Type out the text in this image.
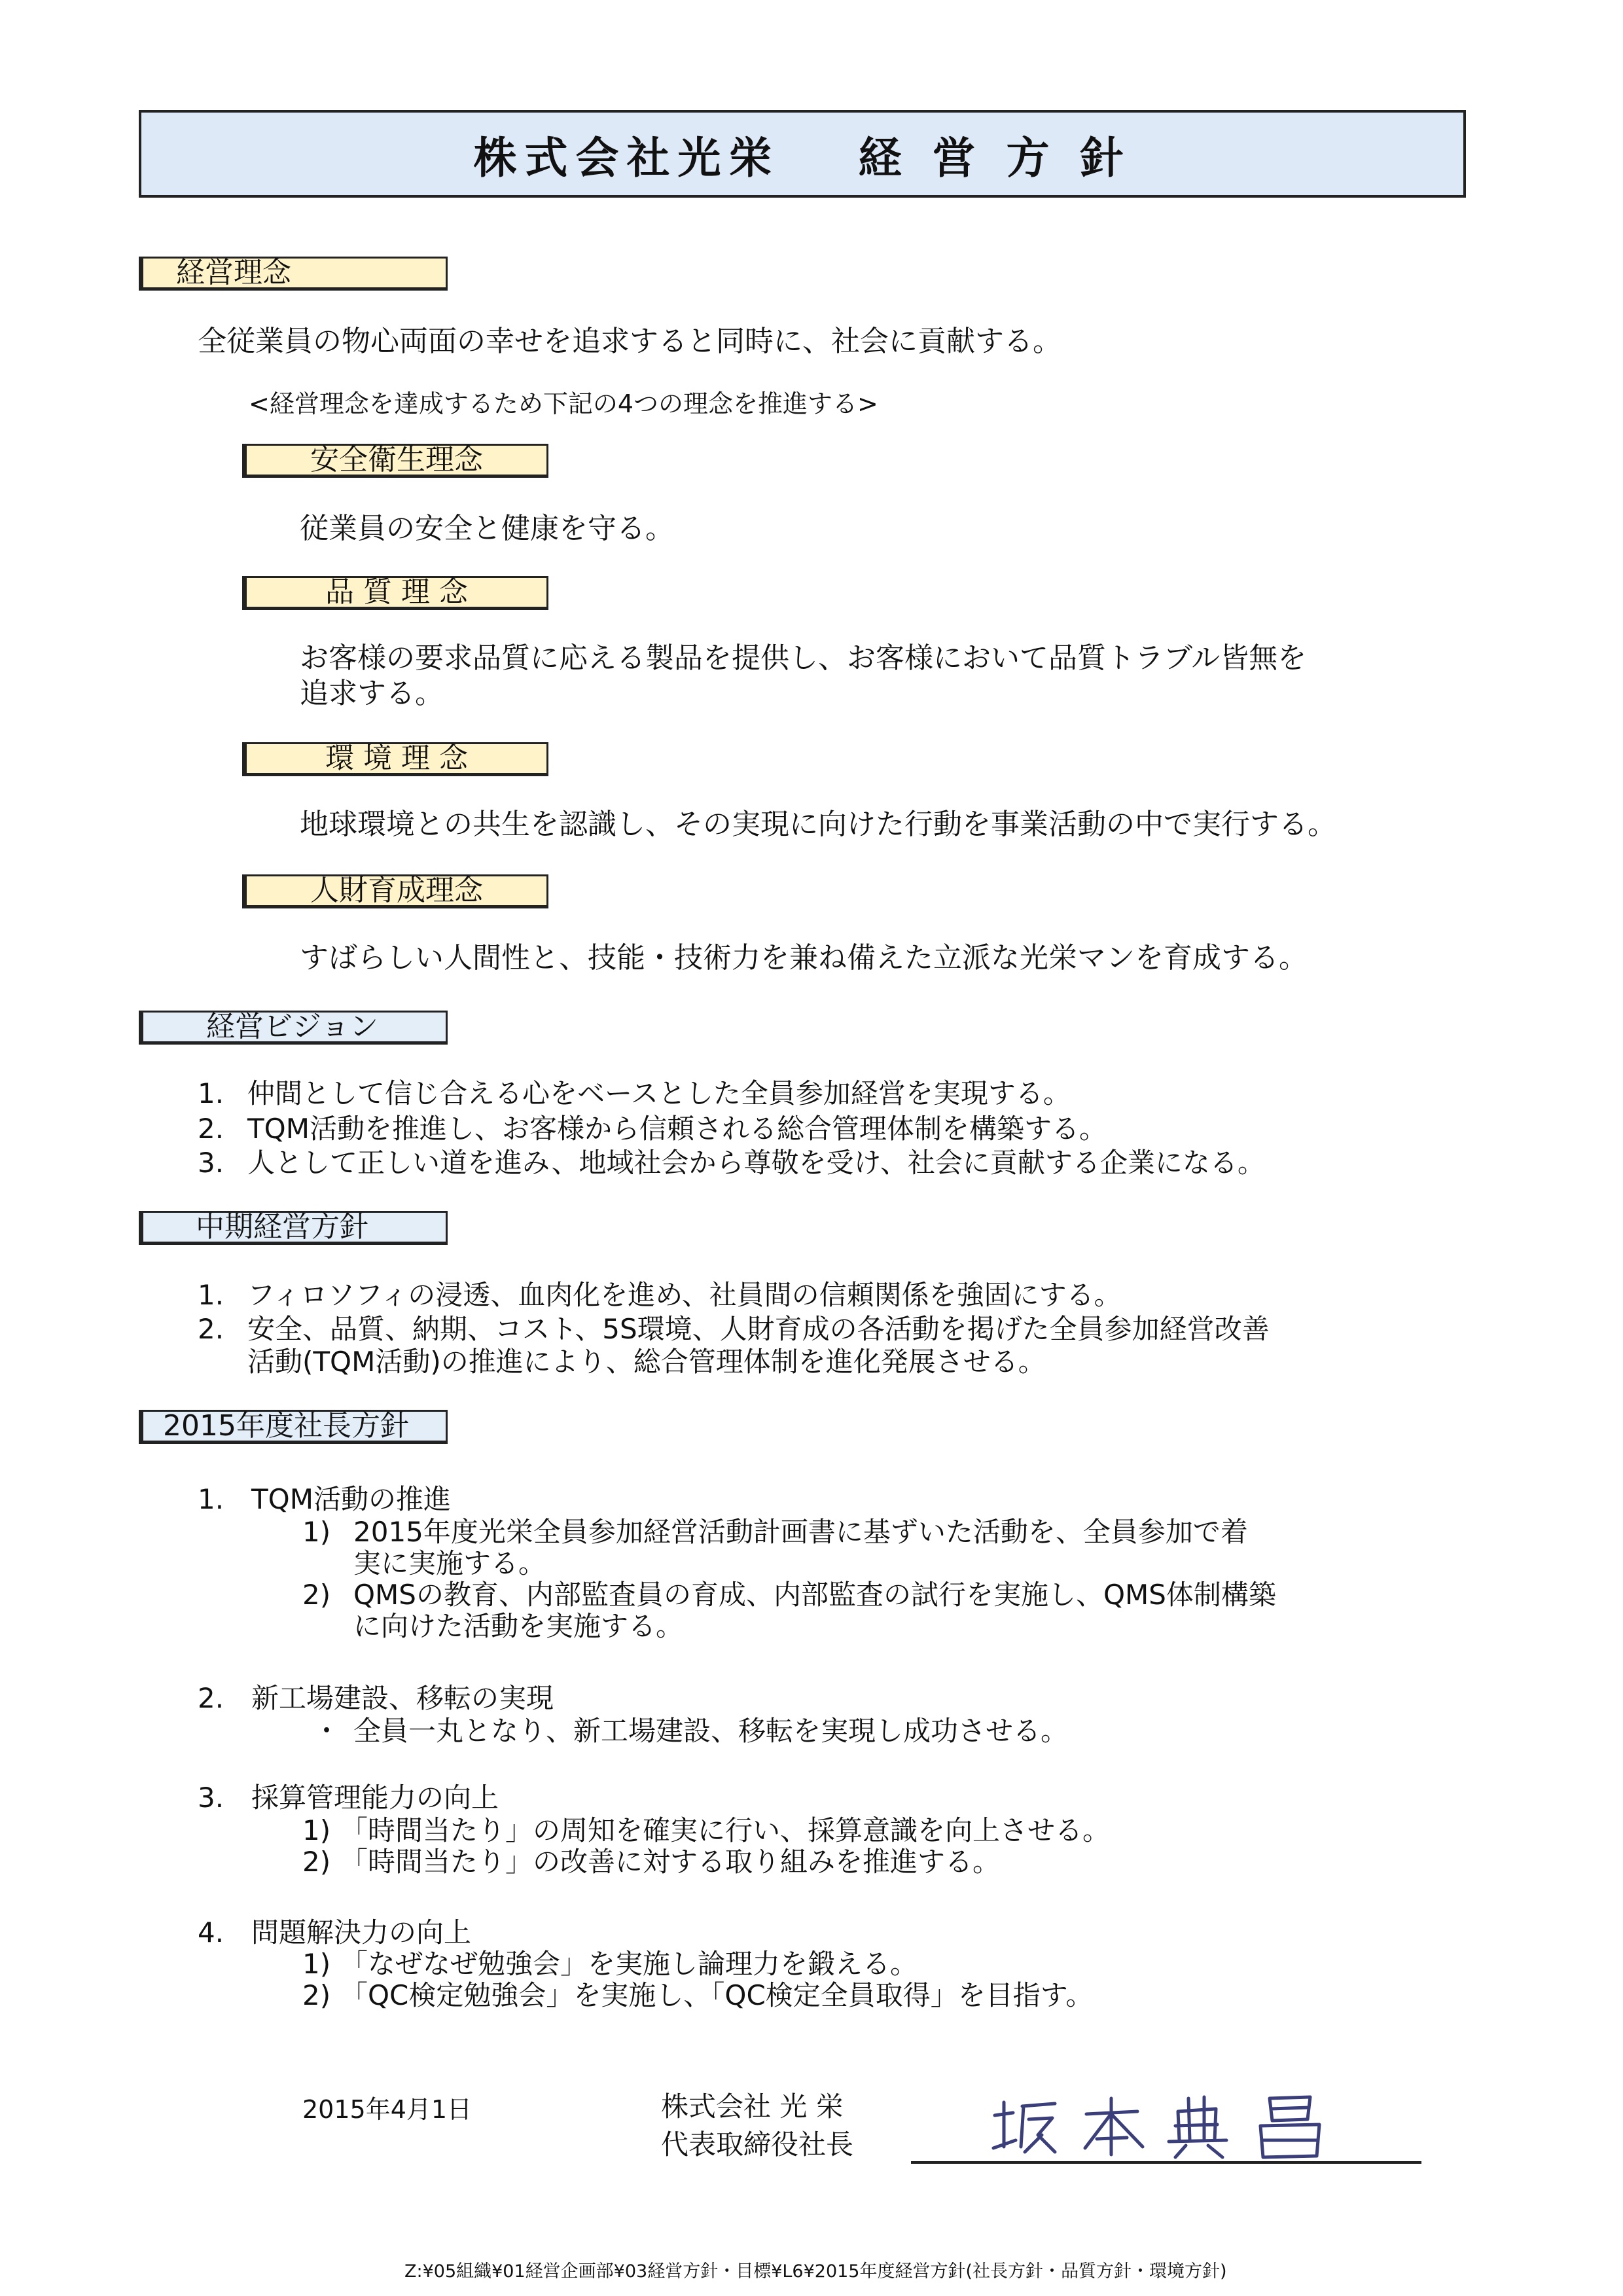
株式会社光栄 経 営 方 針
経営理念
全従業員の物心両面の幸せを追求すると同時に、社会に貢献する。
<経営理念を達成するため下記の4つの理念を推進する>
安全衛生理念
従業員の安全と健康を守る。
品 質 理 念
お客様の要求品質に応える製品を提供し、お客様において品質トラブル皆無を
追求する。
環 境 理 念
地球環境との共生を認識し、その実現に向けた行動を事業活動の中で実行する。
人財育成理念
すばらしい人間性と、技能・技術力を兼ね備えた立派な光栄マンを育成する。
経営ビジョン
1. 仲間として信じ合える心をベースとした全員参加経営を実現する。
2. TQM活動を推進し、お客様から信頼される総合管理体制を構築する。
3. 人として正しい道を進み、地域社会から尊敬を受け、社会に貢献する企業になる。
中期経営方針
1. フィロソフィの浸透、血肉化を進め、社員間の信頼関係を強固にする。
2. 安全、品質、納期、コスト、5S環境、人財育成の各活動を掲げた全員参加経営改善
活動(TQM活動)の推進により、総合管理体制を進化発展させる。
2015年度社長方針
1. TQM活動の推進
1) 2015年度光栄全員参加経営活動計画書に基ずいた活動を、全員参加で着
実に実施する。
2) QMSの教育、内部監査員の育成、内部監査の試行を実施し、QMS体制構築
に向けた活動を実施する。
2. 新工場建設、移転の実現
・ 全員一丸となり、新工場建設、移転を実現し成功させる。
3. 採算管理能力の向上
1) 「時間当たり」の周知を確実に行い、採算意識を向上させる。
2) 「時間当たり」の改善に対する取り組みを推進する。
4. 問題解決力の向上
1) 「なぜなぜ勉強会」を実施し論理力を鍛える。
2) 「QC検定勉強会」を実施し、「QC検定全員取得」を目指す。
2015年4月1日	株式会社 光 栄
代表取締役社長
Z:¥05組織¥01経営企画部¥03経営方針・目標¥L6¥2015年度経営方針(社長方針・品質方針・環境方針)
